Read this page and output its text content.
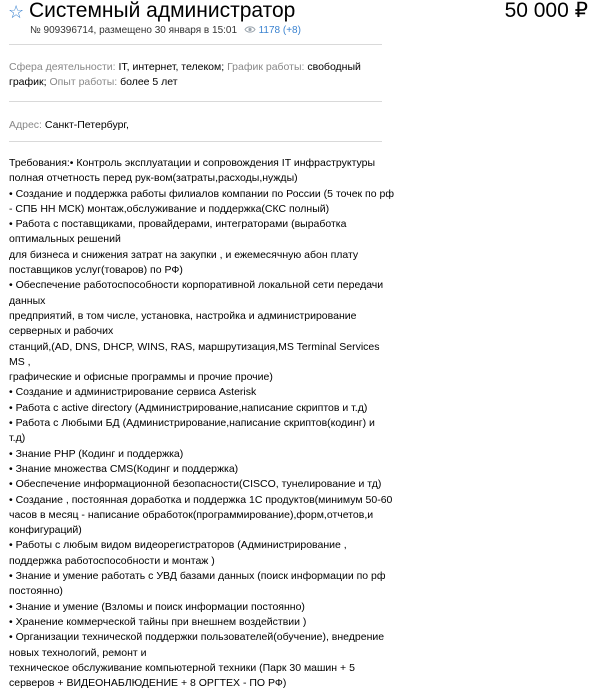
☆ Системный администратор	50 000 ₽
№ 909396714, размещено 30 января в 15:01 1178 (+8)
Сфера деятельности: IT, интернет, телеком; График работы: свободный
график; Опыт работы: более 5 лет
Адрес: Санкт-Петербург,
Требования:• Контроль эксплуатации и сопровождения IT инфраструктуры
полная отчетность перед рук-вом(затраты,расходы,нужды)
• Создание и поддержка работы филиалов компании по России (5 точек по рф
- СПБ НН МСК) монтаж,обслуживание и поддержка(СКС полный)
• Работа с поставщиками, провайдерами, интеграторами (выработка
оптимальных решений
для бизнеса и снижения затрат на закупки , и ежемесячную абон плату
поставщиков услуг(товаров) по РФ)
• Обеспечение работоспособности корпоративной локальной сети передачи
данных
предприятий, в том числе, установка, настройка и администрирование
серверных и рабочих
станций,(AD, DNS, DHCP, WINS, RAS, маршрутизация,MS Terminal Services
MS ,
графические и офисные программы и прочие прочие)
• Создание и администрирование сервиса Asterisk
• Работа с active directory (Администрирование,написание скриптов и т.д)
• Работа с Любыми БД (Администрирование,написание скриптов(кодинг) и
т.д)
• Знание PHP (Кодинг и поддержка)
• Знание множества CMS(Кодинг и поддержка)
• Обеспечение информационной безопасности(CISCO, тунелирование и тд)
• Создание , постоянная доработка и поддержка 1С продуктов(минимум 50-60
часов в месяц - написание обработок(программирование),форм,отчетов,и
конфигураций)
• Работы с любым видом видеорегистраторов (Администрирование ,
поддержка работоспособности и монтаж )
• Знание и умение работать с УВД базами данных (поиск информации по рф
постоянно)
• Знание и умение (Взломы и поиск информации постоянно)
• Хранение коммерческой тайны при внешнем воздействии )
• Организации технической поддержки пользователей(обучение), внедрение
новых технологий, ремонт и
техническое обслуживание компьютерной техники (Парк 30 машин + 5
серверов + ВИДЕОНАБЛЮДЕНИЕ + 8 ОРГТЕХ - ПО РФ)
